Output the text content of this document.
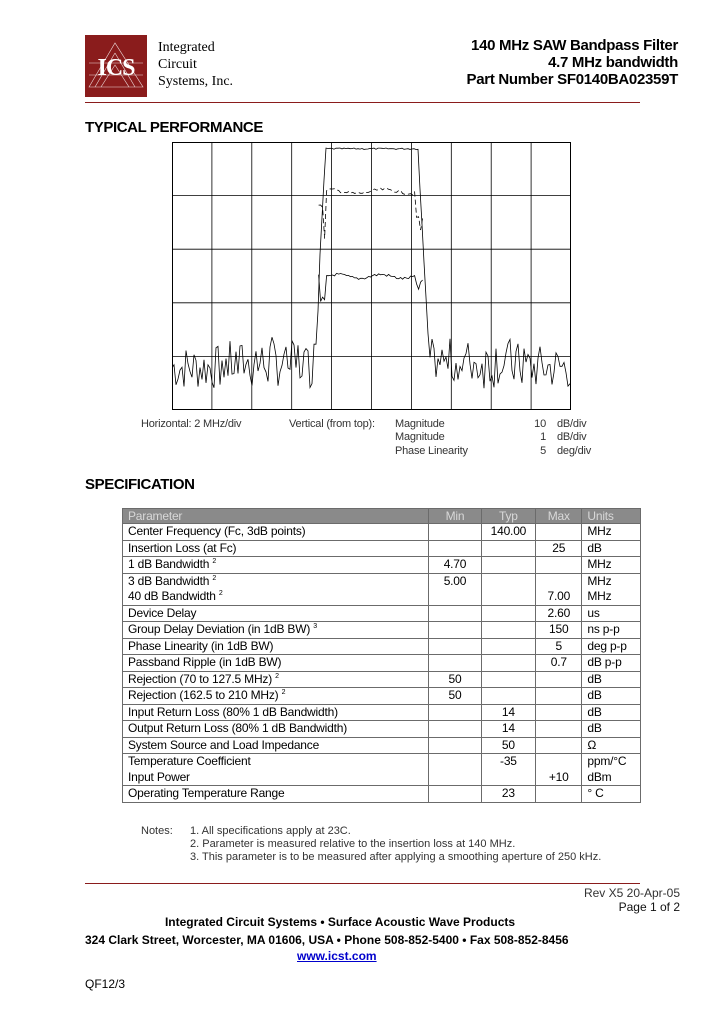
ICS
Integrated
Circuit
Systems, Inc.
140 MHz SAW Bandpass Filter
4.7 MHz bandwidth
Part Number SF0140BA02359T
TYPICAL PERFORMANCE
Horizontal: 2 MHz/div	Vertical (from top): Magnitude	10 dB/div
Magnitude	1 dB/div
Phase Linearity	5 deg/div
SPECIFICATION
Parameter	Min	Typ	Max	Units
Center Frequency (Fc, 3dB points)		140.00		MHz
Insertion Loss (at Fc)			25	dB
1 dB Bandwidth $^2$	4.70			MHz
3 dB Bandwidth $^2$	5.00			MHz
40 dB Bandwidth $^2$			7.00	MHz
Device Delay			2.60	us
Group Delay Deviation (in 1dB BW) $^3$			150	ns p-p
Phase Linearity (in 1dB BW)			5	deg p-p
Passband Ripple (in 1dB BW)			0.7	dB p-p
Rejection (70 to 127.5 MHz) $^2$	50			dB
Rejection (162.5 to 210 MHz) $^2$	50			dB
Input Return Loss (80% 1 dB Bandwidth)		14		dB
Output Return Loss (80% 1 dB Bandwidth)		14		dB
System Source and Load Impedance		50		Ω
Temperature Coefficient		-35		ppm/°C
Input Power			+10	dBm
Operating Temperature Range		23		° C
Notes: 1. All specifications apply at 23C.
2. Parameter is measured relative to the insertion loss at 140 MHz.
3. This parameter is to be measured after applying a smoothing aperture of 250 kHz.
Rev X5 20-Apr-05
Page 1 of 2
Integrated Circuit Systems • Surface Acoustic Wave Products
324 Clark Street, Worcester, MA 01606, USA • Phone 508-852-5400 • Fax 508-852-8456
www.icst.com
QF12/3
